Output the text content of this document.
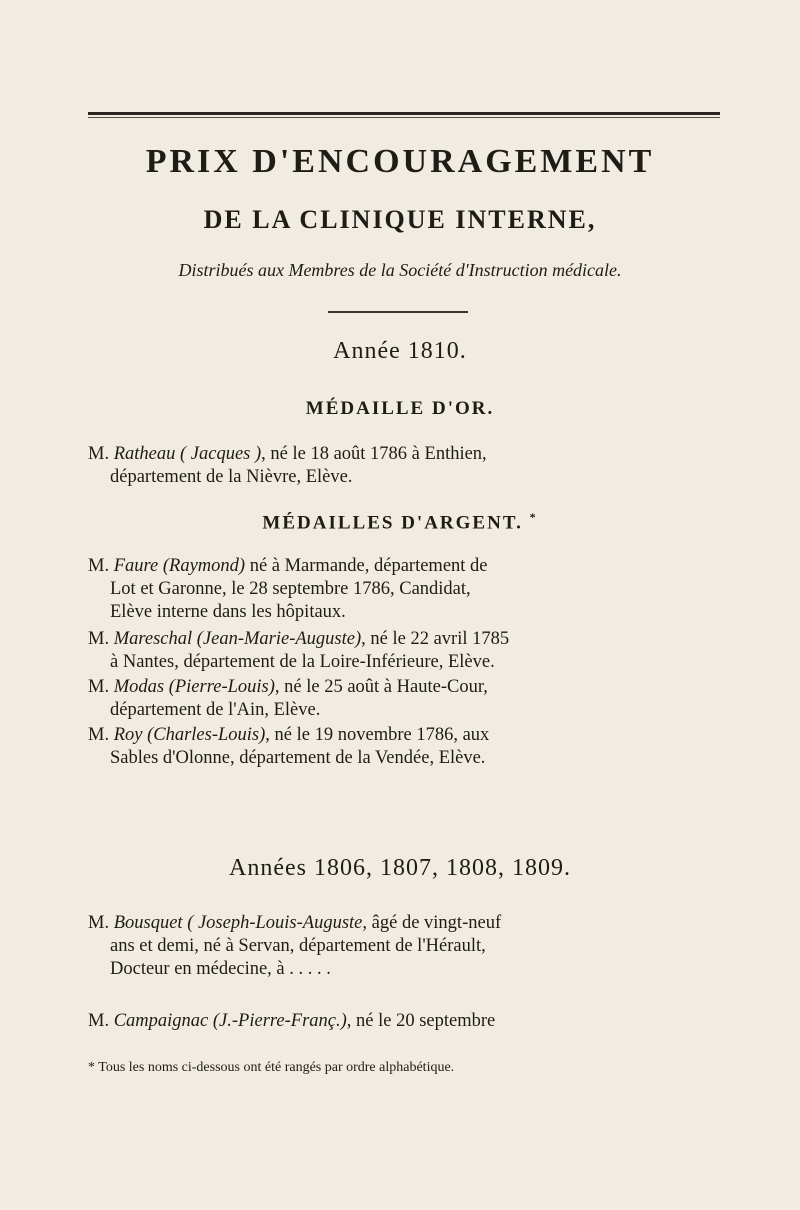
PRIX D'ENCOURAGEMENT
DE LA CLINIQUE INTERNE,
Distribués aux Membres de la Société d'Instruction médicale.
Année 1810.
MÉDAILLE D'OR.
M. Ratheau ( Jacques ), né le 18 août 1786 à Enthien,
département de la Nièvre, Elève.
MÉDAILLES D'ARGENT. *
M. Faure (Raymond) né à Marmande, département de
Lot et Garonne, le 28 septembre 1786, Candidat,
Elève interne dans les hôpitaux.
M. Mareschal (Jean-Marie-Auguste), né le 22 avril 1785
à Nantes, département de la Loire-Inférieure, Elève.
M. Modas (Pierre-Louis), né le 25 août à Haute-Cour,
département de l'Ain, Elève.
M. Roy (Charles-Louis), né le 19 novembre 1786, aux
Sables d'Olonne, département de la Vendée, Elève.
Années 1806, 1807, 1808, 1809.
M. Bousquet ( Joseph-Louis-Auguste, âgé de vingt-neuf
ans et demi, né à Servan, département de l'Hérault,
Docteur en médecine, à . . . . .
M. Campaignac (J.-Pierre-Franç.), né le 20 septembre
* Tous les noms ci-dessous ont été rangés par ordre alphabétique.
